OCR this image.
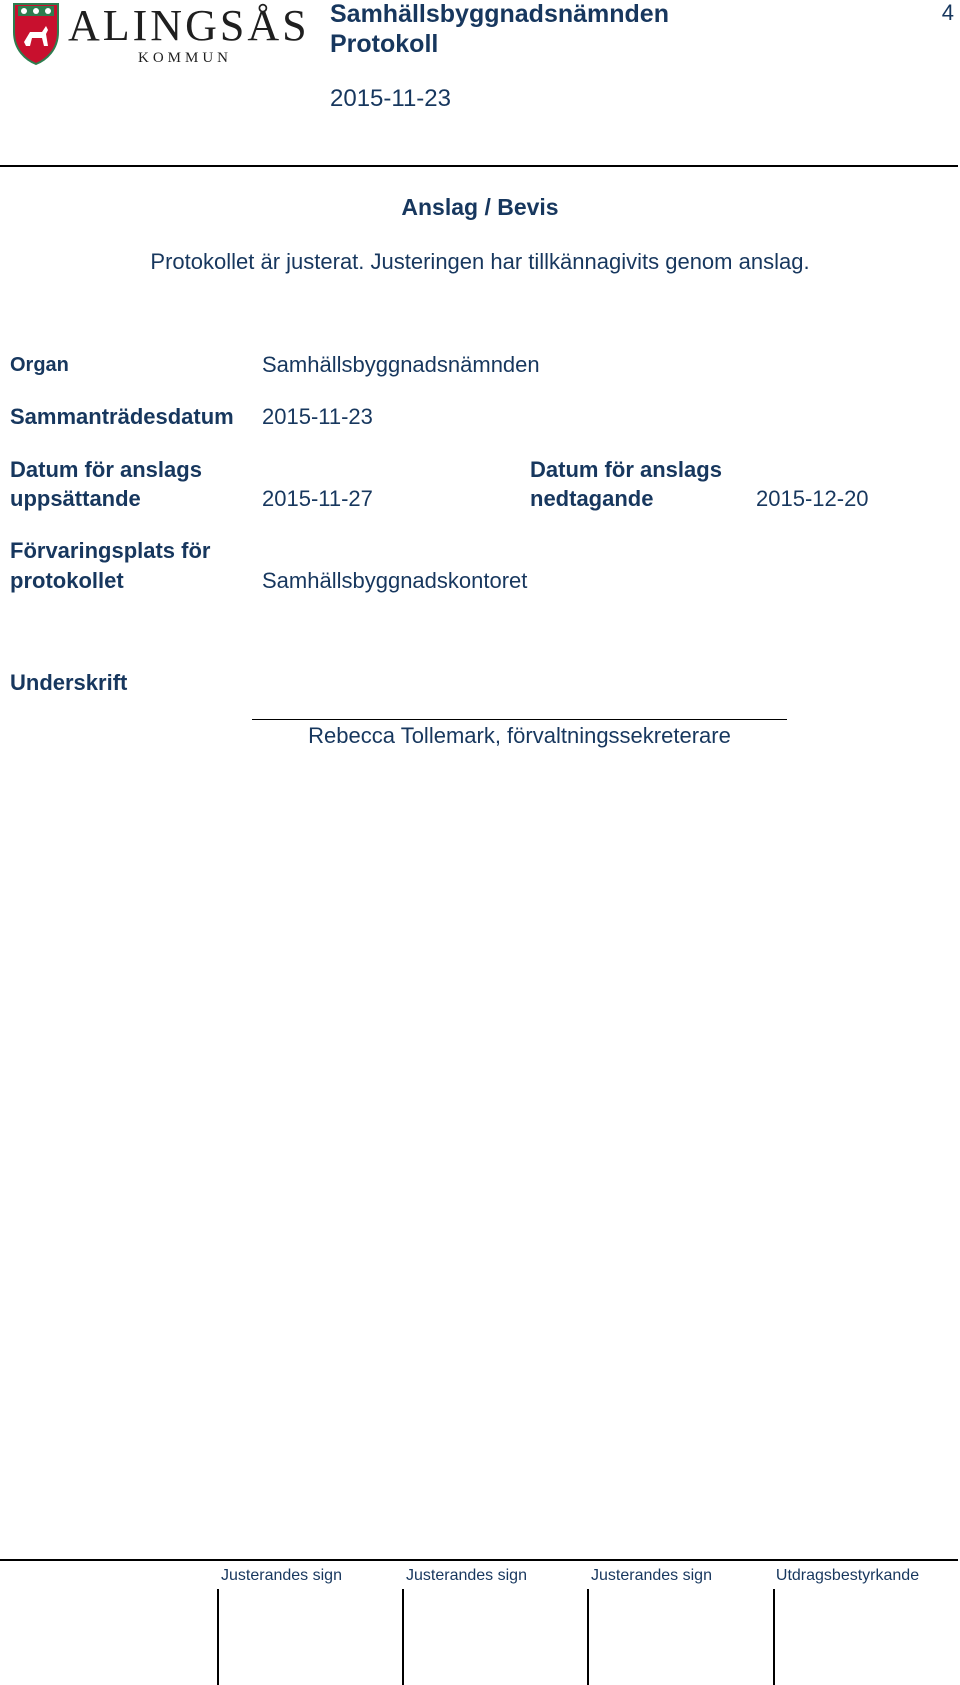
ALINGSÅS
KOMMUN
Samhällsbyggnadsnämnden
Protokoll
2015-11-23
4
Anslag / Bevis
Protokollet är justerat. Justeringen har tillkännagivits genom anslag.
Organ	Samhällsbyggnadsnämnden
Sammanträdesdatum 2015-11-23
Datum för anslags
uppsättande	2015-11-27
Datum för anslags
nedtagande	2015-12-20
Förvaringsplats för
protokollet	Samhällsbyggnadskontoret
Underskrift
Rebecca Tollemark, förvaltningssekreterare
Justerandes sign	Justerandes sign	Justerandes sign	Utdragsbestyrkande
